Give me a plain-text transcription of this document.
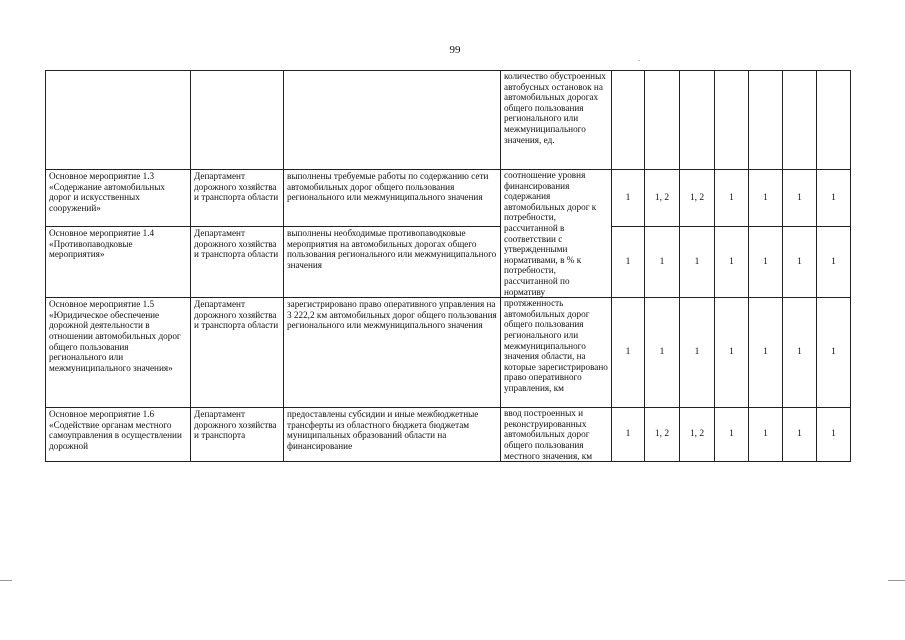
99
			количество обустроенных автобусных остановок на автомобильных дорогах общего пользования регионального или межмуниципального значения, ед.							
Основное мероприятие 1.3 «Содержание автомобильных дорог и искусственных сооружений»	Департамент дорожного хозяйства и транспорта области	выполнены требуемые работы по содержанию сети автомобильных дорог общего пользования регионального или межмуниципального значения	соотношение уровня финансирования содержания автомобильных дорог к потребности, рассчитанной в соответствии с утвержденными нормативами, в % к потребности, рассчитанной по нормативу	1	1, 2	1, 2	1	1	1	1
Основное мероприятие 1.4 «Противопаводковые мероприятия»	Департамент дорожного хозяйства и транспорта области	выполнены необходимые противопаводковые мероприятия на автомобильных дорогах общего пользования регионального или межмуниципального значения		1	1	1	1	1	1	1
Основное мероприятие 1.5 «Юридическое обеспечение дорожной деятельности в отношении автомобильных дорог общего пользования регионального или межмуниципального значения»	Департамент дорожного хозяйства и транспорта области	зарегистрировано право оперативного управления на 3 222,2 км автомобильных дорог общего пользования регионального или межмуниципального значения	протяженность автомобильных дорог общего пользования регионального или межмуниципального значения области, на которые зарегистрировано право оперативного управления, км	1	1	1	1	1	1	1
Основное мероприятие 1.6 «Содействие органам местного самоуправления в осуществлении дорожной	Департамент дорожного хозяйства и транспорта	предоставлены субсидии и иные межбюджетные трансферты из областного бюджета бюджетам муниципальных образований области на финансирование	ввод построенных и реконструированных автомобильных дорог общего пользования местного значения, км	1	1, 2	1, 2	1	1	1	1
